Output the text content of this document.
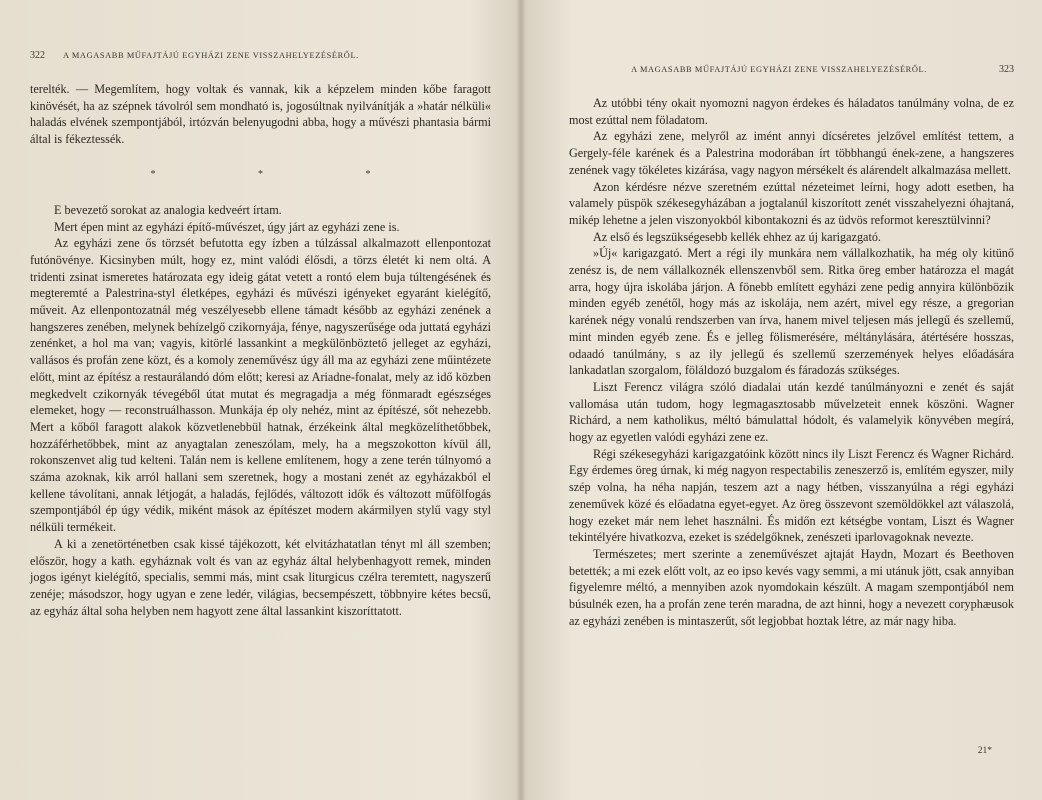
322 A MAGASABB MŰFAJTÁJÚ EGYHÁZI ZENE VISSZAHELYEZÉSÉRŐL.

terelték. — Megemlítem, hogy voltak és vannak, kik a képzelem minden kőbe faragott kinövését, ha az szépnek távolról sem mondható is, jogosúltnak nyilvánítják a »határ nélküli« haladás elvének szempontjából, irtózván belenyugodni abba, hogy a művészi phantasia bármi által is fékeztessék.

* * *

E bevezető sorokat az analogia kedveért írtam.

Mert épen mint az egyházi építő-művészet, úgy járt az egyházi zene is.

Az egyházi zene ős törzsét befutotta egy ízben a túlzással alkalmazott ellenpontozat futónövénye. Kicsinyben múlt, hogy ez, mint valódi élősdi, a törzs életét ki nem oltá. A tridenti zsinat ismeretes határozata egy ideig gátat vetett a rontó elem buja túltengésének és megteremté a Palestrina-styl életképes, egyházi és művészi igényeket egyaránt kielégítő, műveit. Az ellenpontozatnál még veszélyesebb ellene támadt később az egyházi zenének a hangszeres zenében, melynek behízelgő czikornyája, fénye, nagyszerűsége oda juttatá egyházi zenénket, a hol ma van; vagyis, kitörlé lassankint a megkülönböztető jelleget az egyházi, vallásos és profán zene közt, és a komoly zeneművész úgy áll ma az egyházi zene műintézete előtt, mint az építész a restaurálandó dóm előtt; keresi az Ariadne-fonalat, mely az idő közben megkedvelt czikornyák tévegéből útat mutat és megragadja a még fönmaradt egészséges elemeket, hogy — reconstruálhasson. Munkája ép oly nehéz, mint az építészé, sőt nehezebb. Mert a kőből faragott alakok közvetlenebbül hatnak, érzékeink által megközelíthetőbbek, hozzáférhetőbbek, mint az anyagtalan zeneszólam, mely, ha a megszokotton kívül áll, rokonszenvet alig tud kelteni. Talán nem is kellene említenem, hogy a zene terén túlnyomó a száma azoknak, kik arról hallani sem szeretnek, hogy a mostani zenét az egyházakból el kellene távolítani, annak létjogát, a haladás, fejlődés, változott idők és változott műfölfogás szempontjából ép úgy védik, miként mások az építészet modern akármilyen stylű vagy styl nélküli termékeit.

A ki a zenetörténetben csak kissé tájékozott, két elvitázhatatlan tényt ml áll szemben; először, hogy a kath. egyháznak volt és van az egyház által helybenhagyott remek, minden jogos igényt kielégítő, specialis, semmi más, mint csak liturgicus czélra teremtett, nagyszerű zenéje; másodszor, hogy ugyan e zene ledér, világias, becsempészett, többnyire kétes becsű, az egyház által soha helyben nem hagyott zene által lassankint kiszoríttatott.

A MAGASABB MŰFAJTÁJÚ EGYHÁZI ZENE VISSZAHELYEZÉSÉRŐL.	323

Az utóbbi tény okait nyomozni nagyon érdekes és háladatos tanúlmány volna, de ez most ezúttal nem föladatom.

Az egyházi zene, melyről az imént annyi dícséretes jelzővel említést tettem, a Gergely-féle karének és a Palestrina modorában írt többhangú ének-zene, a hangszeres zenének vagy tökéletes kizárása, vagy nagyon mérsékelt és alárendelt alkalmazása mellett.

Azon kérdésre nézve szeretném ezúttal nézeteimet leírni, hogy adott esetben, ha valamely püspök székesegyházában a jogtalanúl kiszorított zenét visszahelyezni óhajtaná, mikép lehetne a jelen viszonyokból kibontakozni és az üdvös reformot keresztülvinni?

Az első és legszükségesebb kellék ehhez az új karigazgató.

»Új« karigazgató. Mert a régi ily munkára nem vállalkozhatik, ha még oly kitünő zenész is, de nem vállalkoznék ellenszenvből sem. Ritka öreg ember határozza el magát arra, hogy újra iskolába járjon. A fönebb említett egyházi zene pedig annyira különbözik minden egyéb zenétől, hogy más az iskolája, nem azért, mivel egy része, a gregorian karének négy vonalú rendszerben van írva, hanem mivel teljesen más jellegű és szellemű, mint minden egyéb zene. És e jelleg fölismerésére, méltánylására, átértésére hosszas, odaadó tanúlmány, s az ily jellegű és szellemű szerzemények helyes előadására lankadatlan szorgalom, föláldozó buzgalom és fáradozás szükséges.

Liszt Ferencz világra szóló diadalai után kezdé tanúlmányozni e zenét és saját vallomása után tudom, hogy legmagasztosabb művelzeteit ennek köszöni. Wagner Richárd, a nem katholikus, méltó bámulattal hódolt, és valamelyik könyvében megírá, hogy az egyetlen valódi egyházi zene ez.

Régi székesegyházi karigazgatóink között nincs ily Liszt Ferencz és Wagner Richárd. Egy érdemes öreg úrnak, ki még nagyon respectabilis zeneszerző is, említém egyszer, mily szép volna, ha néha napján, teszem azt a nagy hétben, visszanyúlna a régi egyházi zeneművek közé és előadatna egyet-egyet. Az öreg összevont szemöldökkel azt válaszolá, hogy ezeket már nem lehet használni. És midőn ezt kétségbe vontam, Liszt és Wagner tekintélyére hivatkozva, ezeket is szédelgőknek, zenészeti iparlovagoknak nevezte.

Természetes; mert szerinte a zeneművészet ajtaját Haydn, Mozart és Beethoven betették; a mi ezek előtt volt, az eo ipso kevés vagy semmi, a mi utánuk jött, csak annyiban figyelemre méltó, a mennyiben azok nyomdokain készült. A magam szempontjából nem búsulnék ezen, ha a profán zene terén maradna, de azt hinni, hogy a nevezett coryphæusok az egyházi zenében is mintaszerűt, sőt legjobbat hoztak létre, az már nagy hiba.

21*
